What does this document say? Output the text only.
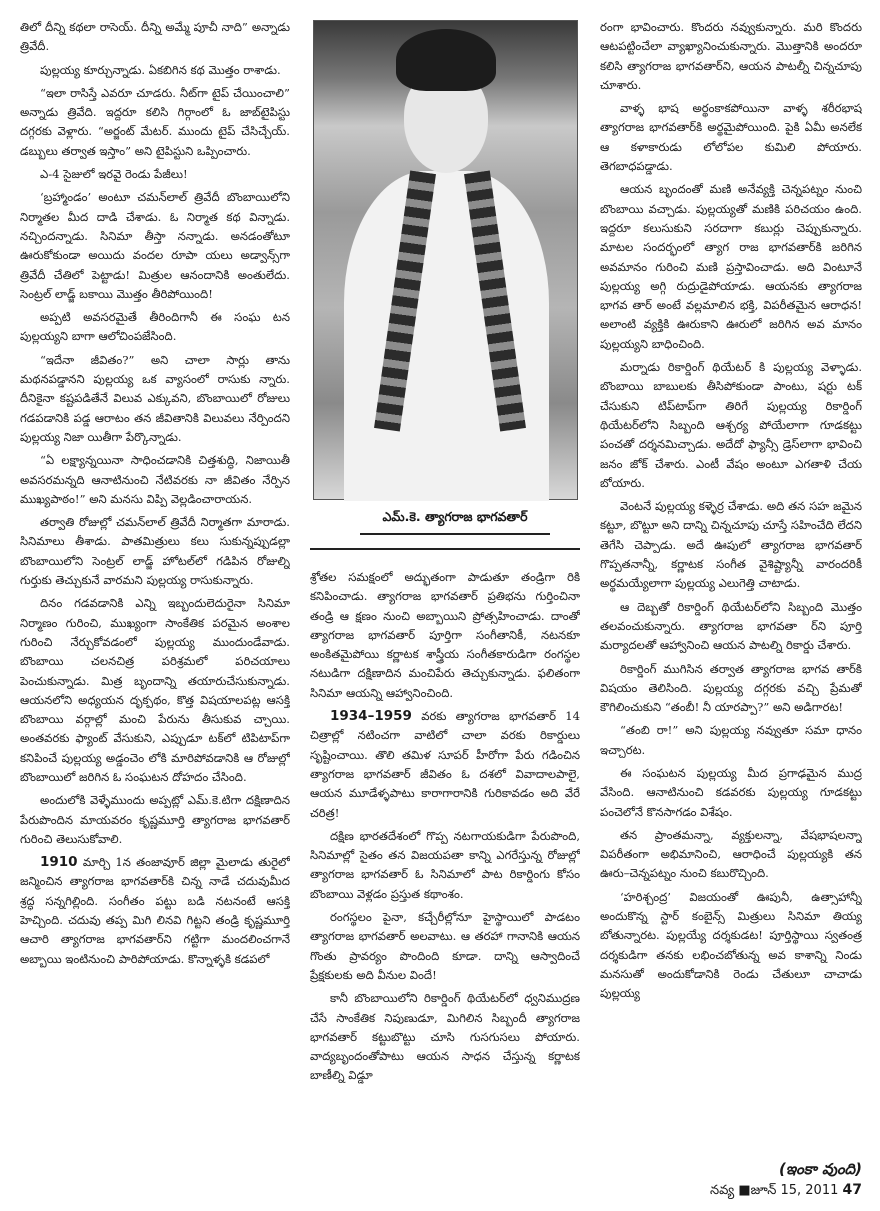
తిలో దీన్ని కథలా రాసెయ్. దీన్ని అమ్మే పూచీ నాది” అన్నాడు త్రివేదీ.

పుల్లయ్య కూర్చున్నాడు. ఏకబిగిన కథ మొత్తం రాశాడు.

“ఇలా రాసిస్తే ఎవరూ చూడరు. నీట్‌గా టైప్ చేయించాలి” అన్నాడు త్రివేది. ఇద్దరూ కలిసి గిర్గాం‌లో ఓ జాబ్‌టైపిస్టు దగ్గరకు వెళ్లారు. “అర్జంట్ మేటర్. ముందు టైప్ చేసిచ్చేయ్. డబ్బులు తర్వాత ఇస్తాం” అని టైపిస్టుని ఒప్పించారు.

ఎ-4 సైజులో ఇరవై రెండు పేజీలు!

‘బ్రహ్మాండం’ అంటూ చమన్‌లాల్ త్రివేదీ బొంబాయిలోని నిర్మాతల మీద దాడి చేశాడు. ఓ నిర్మాత కథ విన్నాడు. నచ్చిందన్నాడు. సినిమా తీస్తా నన్నాడు. అనడంతోటూ ఊరుకోకుండా అయిదు వందల రూపా యలు అడ్వాన్స్‌గా త్రివేదీ చేతిలో పెట్టాడు! మిత్రుల ఆనందానికి అంతులేదు. సెంట్రల్ లాడ్జ్ బకాయి మొత్తం తీరిపోయింది!

అప్పటి అవసరమైతే తీరిందిగానీ ఈ సంఘ టన పుల్లయ్యని బాగా ఆలోచింపజేసింది.

“ఇదేనా జీవితం?” అని చాలా సార్లు తాను మథనపడ్డానని పుల్లయ్య ఒక వ్యాసంలో రాసుకు న్నారు. దీనికైనా కష్టపడితేనే విలువ ఎక్కువని, బొంబాయిలో రోజులు గడపడానికి పడ్డ ఆరాటం తన జీవితానికి విలువలు నేర్పిందని పుల్లయ్య నిజా యితీగా పేర్కొన్నాడు.

“ఏ లక్ష్యాన్నయినా సాధించడానికి చిత్తశుద్ధి, నిజాయితీ అవసరమన్నది ఆనాటినుంచి నేటివరకు నా జీవితం నేర్పిన ముఖ్యపాఠం!” అని మనసు విప్పి వెల్లడించారాయన.

తర్వాతి రోజుల్లో చమన్‌లాల్ త్రివేదీ నిర్మాతగా మారాడు. సినిమాలు తీశాడు. పాతమిత్రులు కలు సుకున్నప్పుడల్లా బొంబాయిలోని సెంట్రల్ లాడ్జ్ హోటల్‌లో గడిపిన రోజుల్ని గుర్తుకు తెచ్చుకునే వారమని పుల్లయ్య రాసుకున్నారు.

దినం గడవడానికి ఎన్ని ఇబ్బందులెదురైనా సినిమా నిర్మాణం గురించి, ముఖ్యంగా సాంకేతిక పరమైన అంశాల గురించి నేర్చుకోవడంలో పుల్లయ్య ముందుండేవాడు. బొంబాయి చలనచిత్ర పరిశ్రమలో పరిచయాలు పెంచుకున్నాడు. మిత్ర బృందాన్ని తయారుచేసుకున్నాడు. ఆయనలోని అధ్యయన దృక్పథం, కొత్త విషయాలపట్ల ఆసక్తి బొంబాయి వర్గాల్లో మంచి పేరును తీసుకువ చ్చాయి. అంతవరకు ఫ్యాంట్ వేసుకుని, ఎప్పుడూ టక్‌లో టిపిటాప్‌గా కనిపించే పుల్లయ్య అడ్డంచెం లోకి మారిపోవడానికి ఆ రోజుల్లో బొంబాయిలో జరిగిన ఓ సంఘటన దోహదం చేసింది.

అందులోకి వెళ్ళేముందు అప్పట్లో ఎమ్.కె.టిగా దక్షిణాదిన పేరుపొందిన మాయవరం కృష్ణమూర్తి త్యాగరాజ భాగవతార్ గురించి తెలుసుకోవాలి.

1910 మార్చి 1న తంజావూర్ జిల్లా మైలాడు తురైలో జన్మించిన త్యాగరాజ భాగవతార్‌కి చిన్న నాడే చదువుమీద శ్రద్ధ సన్నగిల్లింది. సంగీతం పట్టు బడి నటనంటే ఆసక్తి హెచ్చింది. చదువు తప్ప మిగి లినవి గిట్టని తండ్రి కృష్ణమూర్తి ఆచారి త్యాగరాజ భాగవతార్‌ని గట్టిగా మందలించగానే అబ్బాయి ఇంటినుంచి పారిపోయాడు. కొన్నాళ్ళకి కడపలో

ఎమ్.కె. త్యాగరాజ భాగవతార్

శ్రోతల సమక్షంలో అద్భుతంగా పాడుతూ తండ్రిగా రికి కనిపించాడు. త్యాగరాజ భాగవతార్ ప్రతిభను గుర్తించినా తండ్రి ఆ క్షణం నుంచి అబ్బాయిని ప్రోత్సహించాడు. దాంతో త్యాగరాజ భాగవతార్ పూర్తిగా సంగీతానికీ, నటనకూ అంకితమైపోయి కర్ణాటక శాస్త్రీయ సంగీతకారుడిగా రంగస్థల నటుడిగా దక్షిణాదిన మంచిపేరు తెచ్చుకున్నాడు. ఫలితంగా సినిమా ఆయన్ని ఆహ్వానించింది.

1934–1959 వరకు త్యాగరాజ భాగవతార్ 14 చిత్రాల్లో నటించగా వాటిలో చాలా వరకు రికార్డులు సృష్టించాయి. తొలి తమిళ సూపర్ హీరోగా పేరు గడించిన త్యాగరాజ భాగవతార్ జీవితం ఓ దశలో వివాదాలపాలై, ఆయన మూడేళ్ళపాటు కారాగారానికి గురికావడం అది వేరే చరిత్ర!

దక్షిణ భారతదేశంలో గొప్ప నటగాయకుడిగా పేరుపొంది, సినిమాల్లో సైతం తన విజయపతా కాన్ని ఎగరేస్తున్న రోజుల్లో త్యాగరాజ భాగవతార్ ఓ సినిమాలో పాట రికార్డింగు కోసం బొంబాయి వెళ్లడం ప్రస్తుత కథాంశం.

రంగస్థలం పైనా, కచ్చేరీల్లోనూ హైస్థాయిలో పాడటం త్యాగరాజ భాగవతార్ అలవాటు. ఆ తరహా గానానికి ఆయన గొంతు ప్రావర్యం పొందింది కూడా. దాన్ని ఆస్వాదించే ప్రేక్షకులకు అది వీనుల విందే!

కానీ బొంబాయిలోని రికార్డింగ్ థియేటర్‌లో ధ్వనిముద్రణ చేసే సాంకేతిక నిపుణుడూ, మిగిలిన సిబ్బందీ త్యాగరాజ భాగవతార్ కట్టుబొట్టు చూసి గుసగుసలు పోయారు. వాద్యబృందంతోపాటు ఆయన సాధన చేస్తున్న కర్ణాటక బాణీల్ని విడ్డూ

రంగా భావించారు. కొందరు నవ్వుకున్నారు. మరి కొందరు ఆటపట్టించేలా వ్యాఖ్యానించుకున్నారు. మొత్తానికి అందరూ కలిసి త్యాగరాజ భాగవతార్‌ని, ఆయన పాటల్నీ చిన్నచూపు చూశారు.

వాళ్ళ భాష అర్థంకాకపోయినా వాళ్ళ శరీరభాష త్యాగరాజ భాగవతార్‌కి అర్థమైపోయింది. పైకి ఏమీ అనలేక ఆ కళాకారుడు లోలోపల కుమిలి పోయారు. తెగబాధపడ్డాడు.

ఆయన బృందంతో మణి అనేవ్యక్తి చెన్నపట్నం నుంచి బొంబాయి వచ్చాడు. పుల్లయ్యతో మణికి పరిచయం ఉంది. ఇద్దరూ కలుసుకుని సరదాగా కబుర్లు చెప్పుకున్నారు. మాటల సందర్భంలో త్యాగ రాజ భాగవతార్‌కి జరిగిన అవమానం గురించి మణి ప్రస్తావించాడు. అది వింటూనే పుల్లయ్య అగ్గి రుద్రుడైపోయాడు. ఆయనకు త్యాగరాజ భాగవ తార్ అంటే వల్లమాలిన భక్తి, విపరీతమైన ఆరాధన! అలాంటి వ్యక్తికి ఊరుకాని ఊరులో జరిగిన అవ మానం పుల్లయ్యని బాధించింది.

మర్నాడు రికార్డింగ్ థియేటర్ కి పుల్లయ్య వెళ్ళాడు. బొంబాయి బాబులకు తీసిపోకుండా పాంటు, షర్టు టక్ చేసుకుని టిప్‌టాప్‌గా తిరిగే పుల్లయ్య రికార్డింగ్ థియేటర్‌లోని సిబ్బంది ఆశ్చర్య పోయేలాగా గూడకట్టు పంచతో దర్శనమిచ్చాడు. అదేదో ఫ్యాన్సీ డ్రెస్‌లాగా భావించి జనం జోక్ చేశారు. ఎంటీ వేషం అంటూ ఎగతాళి చేయ బోయారు.

వెంటనే పుల్లయ్య కళ్ళెర్ర చేశాడు. అది తన సహ జమైన కట్టూ, బొట్టూ అని దాన్ని చిన్నచూపు చూస్తే సహించేది లేదని తెగేసి చెప్పాడు. అదే ఊపులో త్యాగరాజ భాగవతార్ గొప్పతనాన్నీ, కర్ణాటక సంగీత వైశిష్ట్యాన్నీ వారందరికీ అర్థమయ్యేలాగా పుల్లయ్య ఎలుగెత్తి చాటాడు.

ఆ దెబ్బతో రికార్డింగ్ థియేటర్‌లోని సిబ్బంది మొత్తం తలవంచుకున్నారు. త్యాగరాజ భాగవతా ర్‌ని పూర్తి మర్యాదలతో ఆహ్వానించి ఆయన పాటల్ని రికార్డు చేశారు.

రికార్డింగ్ ముగిసిన తర్వాత త్యాగరాజ భాగవ తార్‌కి విషయం తెలిసింది. పుల్లయ్య దగ్గరకు వచ్చి ప్రేమతో కౌగిలించుకుని “తంబీ! నీ యారప్పా?” అని అడిగారట!

“తంబి రా!” అని పుల్లయ్య నవ్వుతూ సమా ధానం ఇచ్చారట.

ఈ సంఘటన పుల్లయ్య మీద ప్రగాఢమైన ముద్ర వేసింది. ఆనాటినుంచి కడవరకు పుల్లయ్య గూడకట్టు పంచెలోనే కొనసాగడం విశేషం.

తన ప్రాంతమన్నా, వ్యక్తులన్నా, వేషభాషలన్నా విపరీతంగా అభిమానించి, ఆరాధించే పుల్లయ్యకి తన ఊరు–చెన్నపట్నం నుంచి కబురొచ్చింది.

‘హరిశ్చంద్ర’ విజయంతో ఊపునీ, ఉత్సాహాన్నీ అందుకొన్న స్టార్ కంబైన్స్ మిత్రులు సినిమా తియ్య బోతున్నారట. పుల్లయ్యే దర్శకుడట! పూర్తిస్థాయి స్వతంత్ర దర్శకుడిగా తనకు లభించబోతున్న అవ కాశాన్ని నిండు మనసుతో అందుకోడానికి రెండు చేతులూ చాచాడు పుల్లయ్య

(ఇంకా వుంది)
నవ్య ■జూన్ 15, 2011 47
